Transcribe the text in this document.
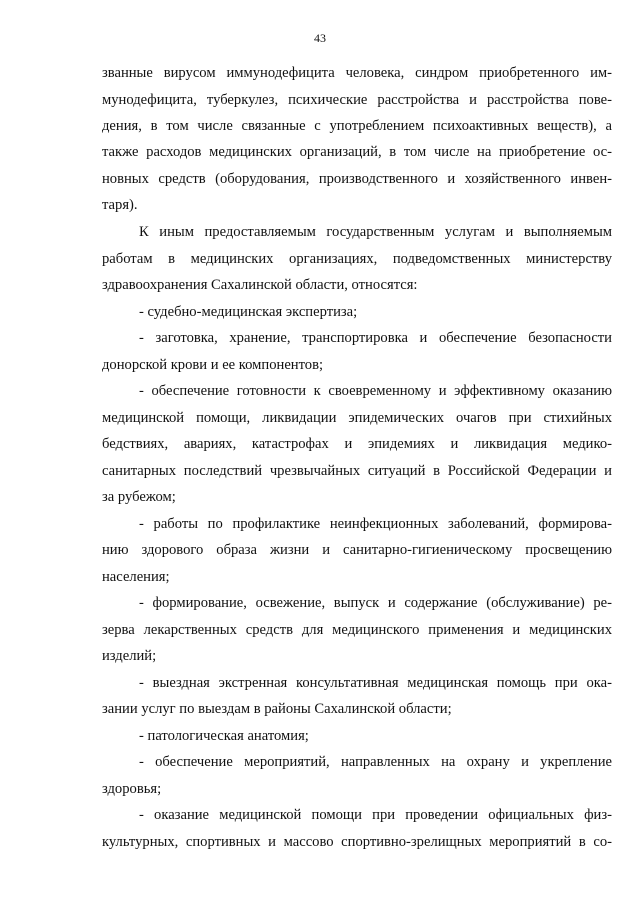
43
званные вирусом иммунодефицита человека, синдром приобретенного им-
мунодефицита, туберкулез, психические расстройства и расстройства пове-
дения, в том числе связанные с употреблением психоактивных веществ), а
также расходов медицинских организаций, в том числе на приобретение ос-
новных средств (оборудования, производственного и хозяйственного инвен-
таря).
К иным предоставляемым государственным услугам и выполняемым
работам в медицинских организациях, подведомственных министерству
здравоохранения Сахалинской области, относятся:
- судебно-медицинская экспертиза;
- заготовка, хранение, транспортировка и обеспечение безопасности
донорской крови и ее компонентов;
- обеспечение готовности к своевременному и эффективному оказанию
медицинской помощи, ликвидации эпидемических очагов при стихийных
бедствиях, авариях, катастрофах и эпидемиях и ликвидация медико-
санитарных последствий чрезвычайных ситуаций в Российской Федерации и
за рубежом;
- работы по профилактике неинфекционных заболеваний, формирова-
нию здорового образа жизни и санитарно-гигиеническому просвещению
населения;
- формирование, освежение, выпуск и содержание (обслуживание) ре-
зерва лекарственных средств для медицинского применения и медицинских
изделий;
- выездная экстренная консультативная медицинская помощь при ока-
зании услуг по выездам в районы Сахалинской области;
- патологическая анатомия;
- обеспечение мероприятий, направленных на охрану и укрепление
здоровья;
- оказание медицинской помощи при проведении официальных физ-
культурных, спортивных и массово спортивно-зрелищных мероприятий в со-
